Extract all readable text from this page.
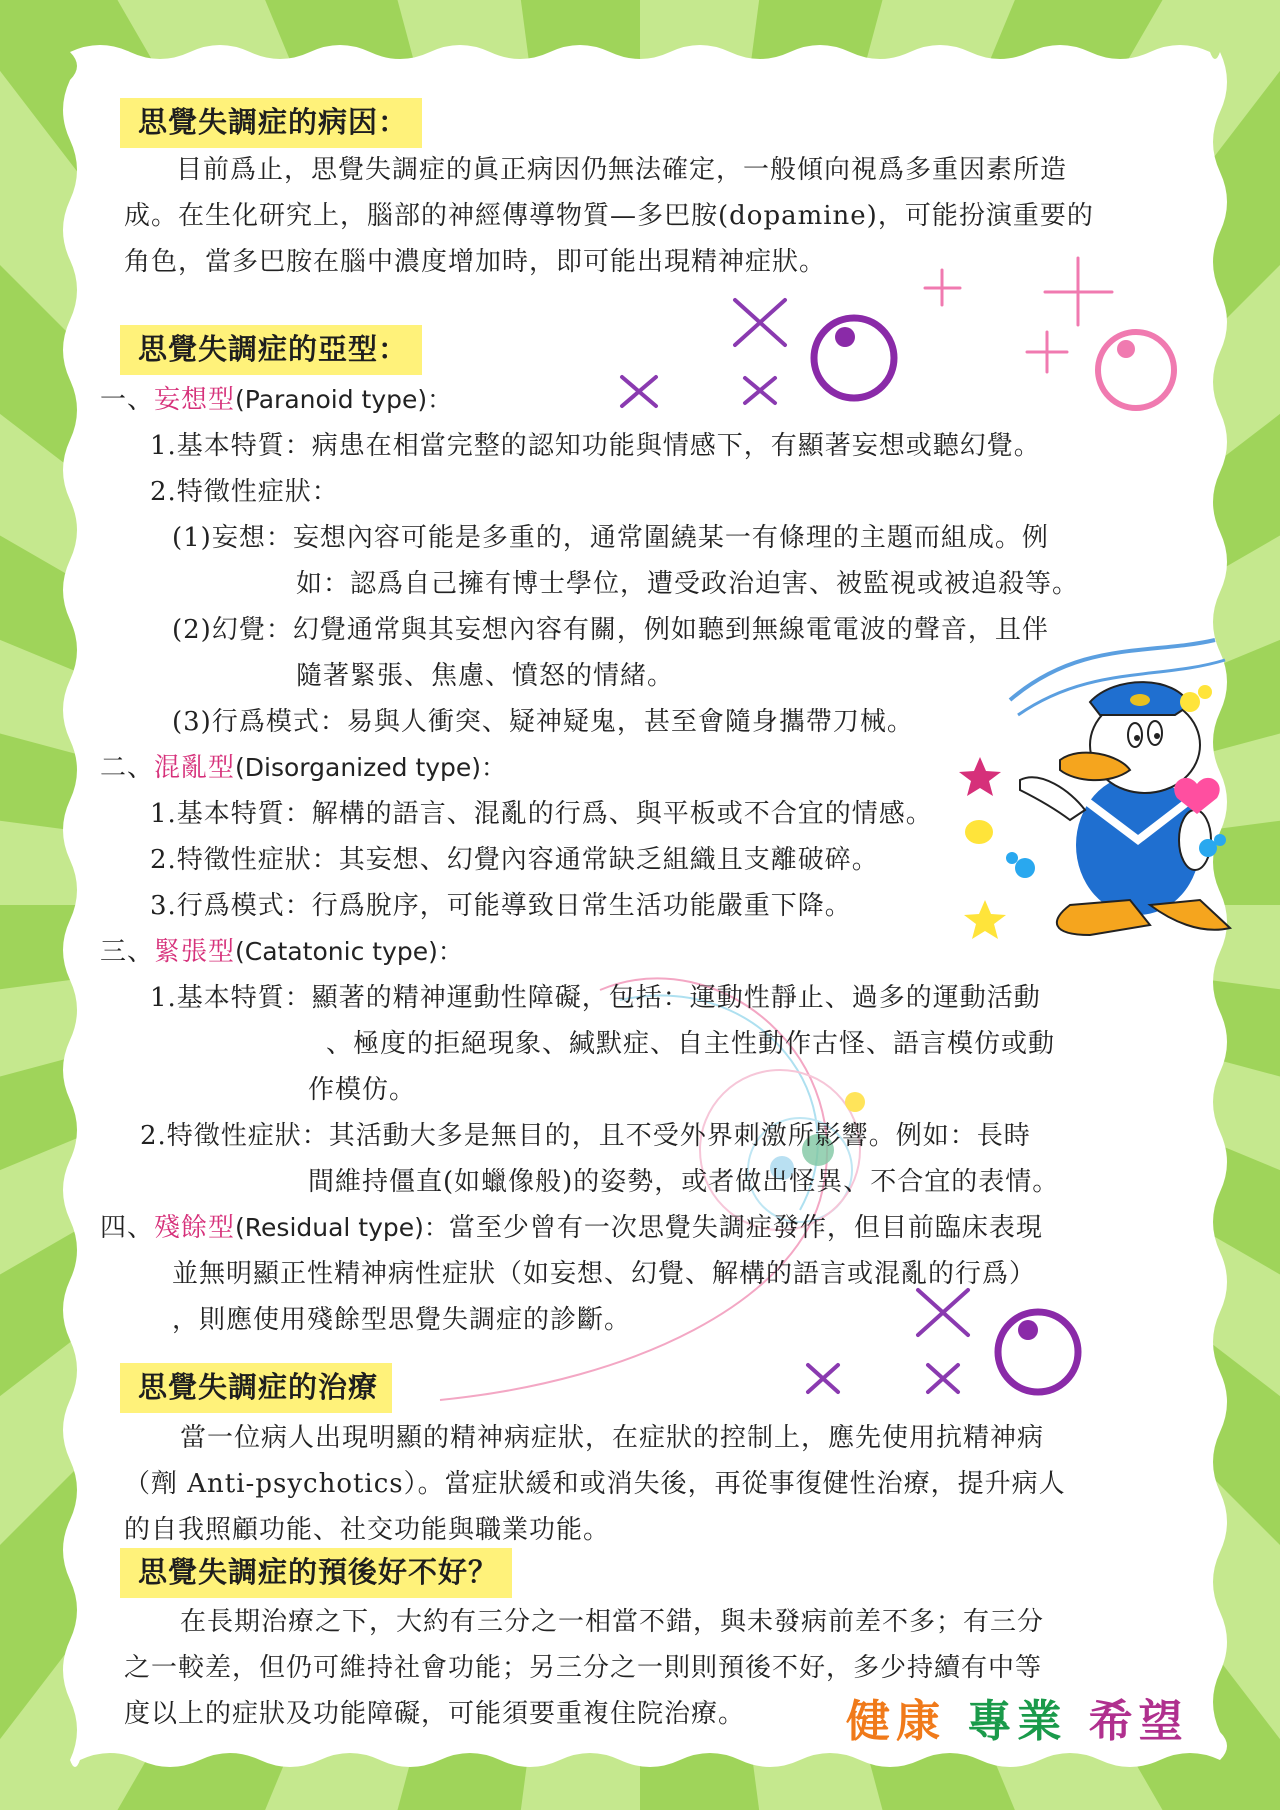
思覺失調症的病因：
目前爲止，思覺失調症的眞正病因仍無法確定，一般傾向視爲多重因素所造
成。在生化研究上，腦部的神經傳導物質—多巴胺(dopamine)，可能扮演重要的
角色，當多巴胺在腦中濃度增加時，即可能出現精神症狀。
思覺失調症的亞型：
一、妄想型(Paranoid type)：
1.基本特質：病患在相當完整的認知功能與情感下，有顯著妄想或聽幻覺。
2.特徵性症狀：
(1)妄想：妄想內容可能是多重的，通常圍繞某一有條理的主題而組成。例
如：認爲自己擁有博士學位，遭受政治迫害、被監視或被追殺等。
(2)幻覺：幻覺通常與其妄想內容有關，例如聽到無線電電波的聲音，且伴
隨著緊張、焦慮、憤怒的情緒。
(3)行爲模式：易與人衝突、疑神疑鬼，甚至會隨身攜帶刀械。
二、混亂型(Disorganized type)：
1.基本特質：解構的語言、混亂的行爲、與平板或不合宜的情感。
2.特徵性症狀：其妄想、幻覺內容通常缺乏組織且支離破碎。
3.行爲模式：行爲脫序，可能導致日常生活功能嚴重下降。
三、緊張型(Catatonic type)：
1.基本特質：顯著的精神運動性障礙，包括：運動性靜止、過多的運動活動
、極度的拒絕現象、緘默症、自主性動作古怪、語言模仿或動
作模仿。
2.特徵性症狀：其活動大多是無目的，且不受外界刺激所影響。例如：長時
間維持僵直(如蠟像般)的姿勢，或者做出怪異、不合宜的表情。
四、殘餘型(Residual type)：當至少曾有一次思覺失調症發作，但目前臨床表現
並無明顯正性精神病性症狀（如妄想、幻覺、解構的語言或混亂的行爲）
，則應使用殘餘型思覺失調症的診斷。
思覺失調症的治療
當一位病人出現明顯的精神病症狀，在症狀的控制上，應先使用抗精神病
（劑 Anti-psychotics）。當症狀緩和或消失後，再從事復健性治療，提升病人
的自我照顧功能、社交功能與職業功能。
思覺失調症的預後好不好？
在長期治療之下，大約有三分之一相當不錯，與未發病前差不多；有三分
之一較差，但仍可維持社會功能；另三分之一則則預後不好，多少持續有中等
度以上的症狀及功能障礙，可能須要重複住院治療。 健康 專業 希望
